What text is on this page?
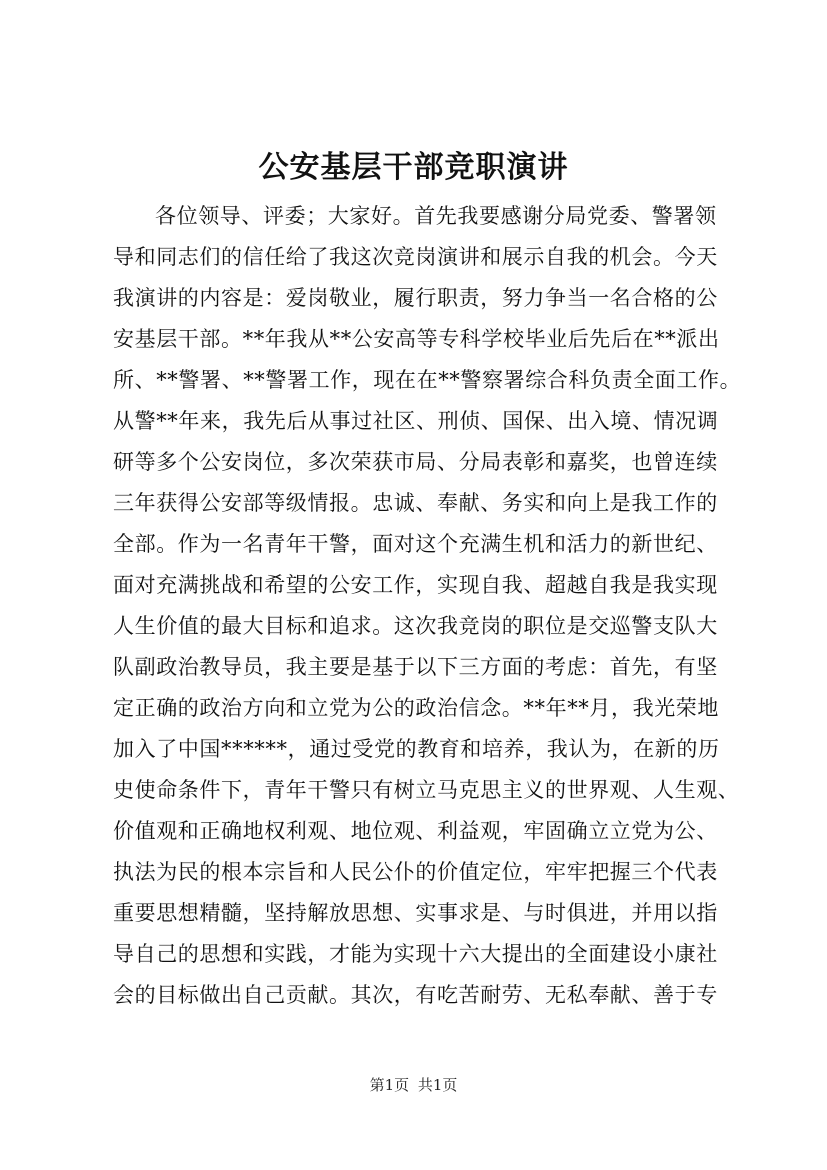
公安基层干部竞职演讲
各位领导、评委；大家好。首先我要感谢分局党委、警署领
导和同志们的信任给了我这次竞岗演讲和展示自我的机会。今天
我演讲的内容是：爱岗敬业，履行职责，努力争当一名合格的公
安基层干部。**年我从**公安高等专科学校毕业后先后在**派出
所、**警署、**警署工作，现在在**警察署综合科负责全面工作。
从警**年来，我先后从事过社区、刑侦、国保、出入境、情况调
研等多个公安岗位，多次荣获市局、分局表彰和嘉奖，也曾连续
三年获得公安部等级情报。忠诚、奉献、务实和向上是我工作的
全部。作为一名青年干警，面对这个充满生机和活力的新世纪、
面对充满挑战和希望的公安工作，实现自我、超越自我是我实现
人生价值的最大目标和追求。这次我竞岗的职位是交巡警支队大
队副政治教导员，我主要是基于以下三方面的考虑：首先，有坚
定正确的政治方向和立党为公的政治信念。**年**月，我光荣地
加入了中国******，通过受党的教育和培养，我认为，在新的历
史使命条件下，青年干警只有树立马克思主义的世界观、人生观、
价值观和正确地权利观、地位观、利益观，牢固确立立党为公、
执法为民的根本宗旨和人民公仆的价值定位，牢牢把握三个代表
重要思想精髓，坚持解放思想、实事求是、与时俱进，并用以指
导自己的思想和实践，才能为实现十六大提出的全面建设小康社
会的目标做出自己贡献。其次，有吃苦耐劳、无私奉献、善于专
第1页 共1页
